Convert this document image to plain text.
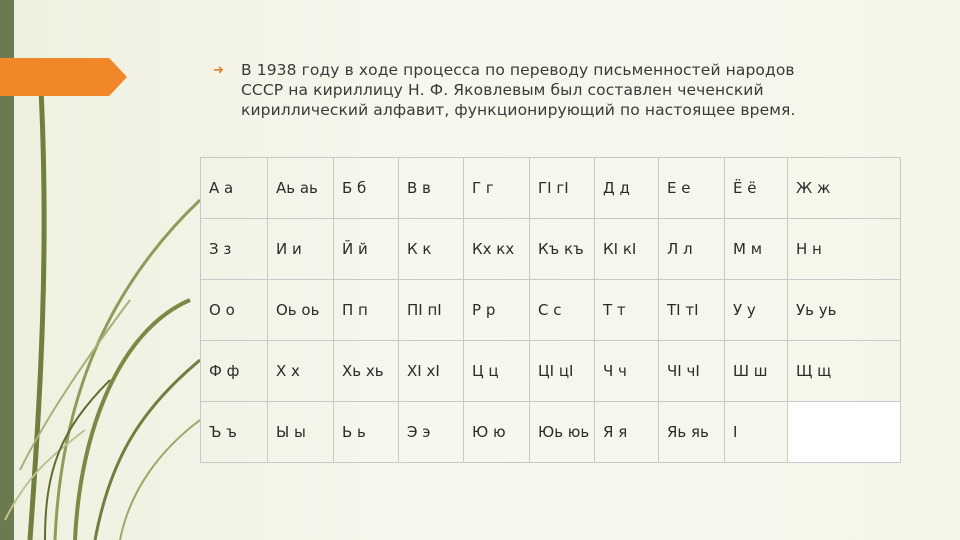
➜	В 1938 году в ходе процесса по переводу письменностей народов
СССР на кириллицу Н. Ф. Яковлевым был составлен чеченский
кириллический алфавит, функционирующий по настоящее время.
А а	Аь аь	Б б	В в	Г г	ГI гI	Д д	Е е	Ё ё	Ж ж
З з	И и	Й й	К к	Кх кх	Къ къ	КI кI	Л л	М м	Н н
О о	Оь оь	П п	ПI пI	Р р	С с	Т т	ТI тI	У у	Уь уь
Ф ф	Х х	Хь хь	ХI хI	Ц ц	ЦI цI	Ч ч	ЧI чI	Ш ш	Щ щ
Ъ ъ	Ы ы	Ь ь	Э э	Ю ю	Юь юь	Я я	Яь яь	I	
